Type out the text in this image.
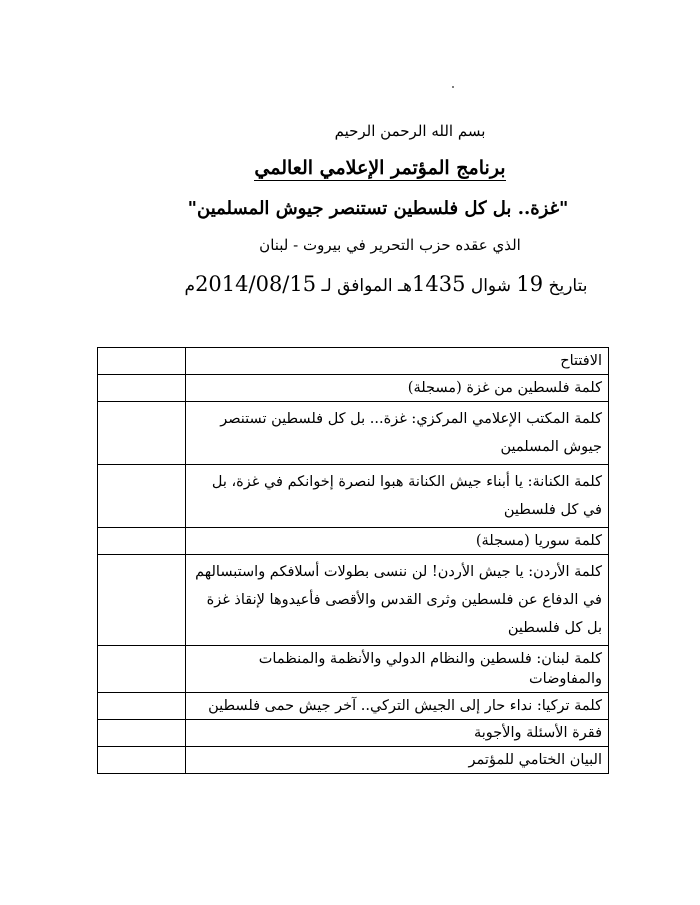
بسم الله الرحمن الرحيم
برنامج المؤتمر الإعلامي العالمي
"غزة.. بل كل فلسطين تستنصر جيوش المسلمين"
الذي عقده حزب التحرير في بيروت - لبنان
بتاريخ 19 شوال 1435هـ الموافق لـ 2014/08/15م
الافتتاح	
كلمة فلسطين من غزة (مسجلة)	
كلمة المكتب الإعلامي المركزي: غزة... بل كل فلسطين تستنصر جيوش المسلمين	
كلمة الكنانة: يا أبناء جيش الكنانة هبوا لنصرة إخوانكم في غزة، بل في كل فلسطين	
كلمة سوريا (مسجلة)	
كلمة الأردن: يا جيش الأردن! لن ننسى بطولات أسلافكم واستبسالهم في الدفاع عن فلسطين وثرى القدس والأقصى فأعيدوها لإنقاذ غزة بل كل فلسطين	
كلمة لبنان: فلسطين والنظام الدولي والأنظمة والمنظمات والمفاوضات	
كلمة تركيا: نداء حار إلى الجيش التركي.. آخر جيش حمى فلسطين	
فقرة الأسئلة والأجوبة	
البيان الختامي للمؤتمر	
